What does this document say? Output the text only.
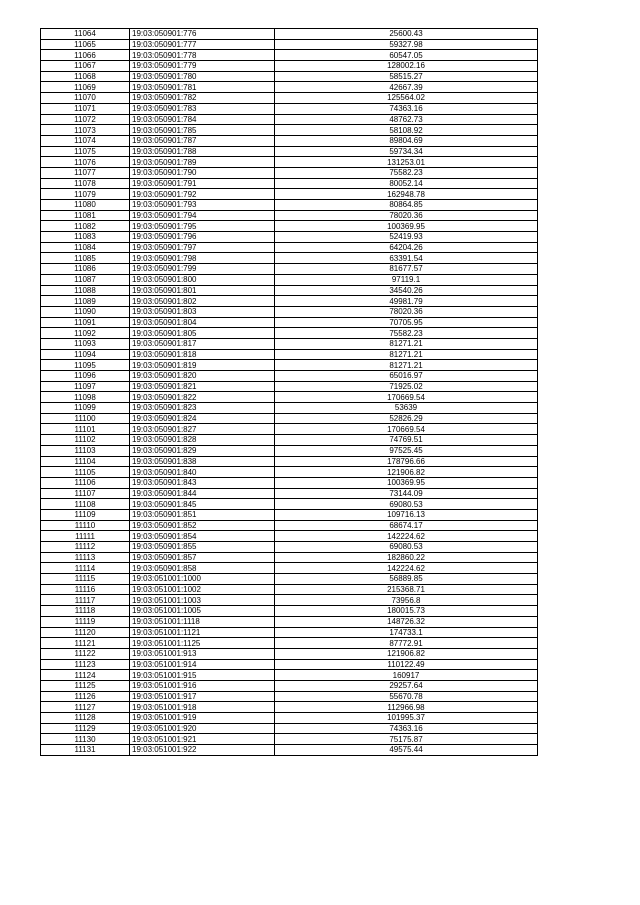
11064	19:03:050901:776	25600.43
11065	19:03:050901:777	59327.98
11066	19:03:050901:778	60547.05
11067	19:03:050901:779	128002.16
11068	19:03:050901:780	58515.27
11069	19:03:050901:781	42667.39
11070	19:03:050901:782	125564.02
11071	19:03:050901:783	74363.16
11072	19:03:050901:784	48762.73
11073	19:03:050901:785	58108.92
11074	19:03:050901:787	89804.69
11075	19:03:050901:788	59734.34
11076	19:03:050901:789	131253.01
11077	19:03:050901:790	75582.23
11078	19:03:050901:791	80052.14
11079	19:03:050901:792	162948.78
11080	19:03:050901:793	80864.85
11081	19:03:050901:794	78020.36
11082	19:03:050901:795	100369.95
11083	19:03:050901:796	52419.93
11084	19:03:050901:797	64204.26
11085	19:03:050901:798	63391.54
11086	19:03:050901:799	81677.57
11087	19:03:050901:800	97119.1
11088	19:03:050901:801	34540.26
11089	19:03:050901:802	49981.79
11090	19:03:050901:803	78020.36
11091	19:03:050901:804	70705.95
11092	19:03:050901:805	75582.23
11093	19:03:050901:817	81271.21
11094	19:03:050901:818	81271.21
11095	19:03:050901:819	81271.21
11096	19:03:050901:820	65016.97
11097	19:03:050901:821	71925.02
11098	19:03:050901:822	170669.54
11099	19:03:050901:823	53639
11100	19:03:050901:824	52826.29
11101	19:03:050901:827	170669.54
11102	19:03:050901:828	74769.51
11103	19:03:050901:829	97525.45
11104	19:03:050901:838	178796.66
11105	19:03:050901:840	121906.82
11106	19:03:050901:843	100369.95
11107	19:03:050901:844	73144.09
11108	19:03:050901:845	69080.53
11109	19:03:050901:851	109716.13
11110	19:03:050901:852	68674.17
11111	19:03:050901:854	142224.62
11112	19:03:050901:855	69080.53
11113	19:03:050901:857	182860.22
11114	19:03:050901:858	142224.62
11115	19:03:051001:1000	56889.85
11116	19:03:051001:1002	215368.71
11117	19:03:051001:1003	73956.8
11118	19:03:051001:1005	180015.73
11119	19:03:051001:1118	148726.32
11120	19:03:051001:1121	174733.1
11121	19:03:051001:1125	87772.91
11122	19:03:051001:913	121906.82
11123	19:03:051001:914	110122.49
11124	19:03:051001:915	160917
11125	19:03:051001:916	29257.64
11126	19:03:051001:917	55670.78
11127	19:03:051001:918	112966.98
11128	19:03:051001:919	101995.37
11129	19:03:051001:920	74363.16
11130	19:03:051001:921	75175.87
11131	19:03:051001:922	49575.44
